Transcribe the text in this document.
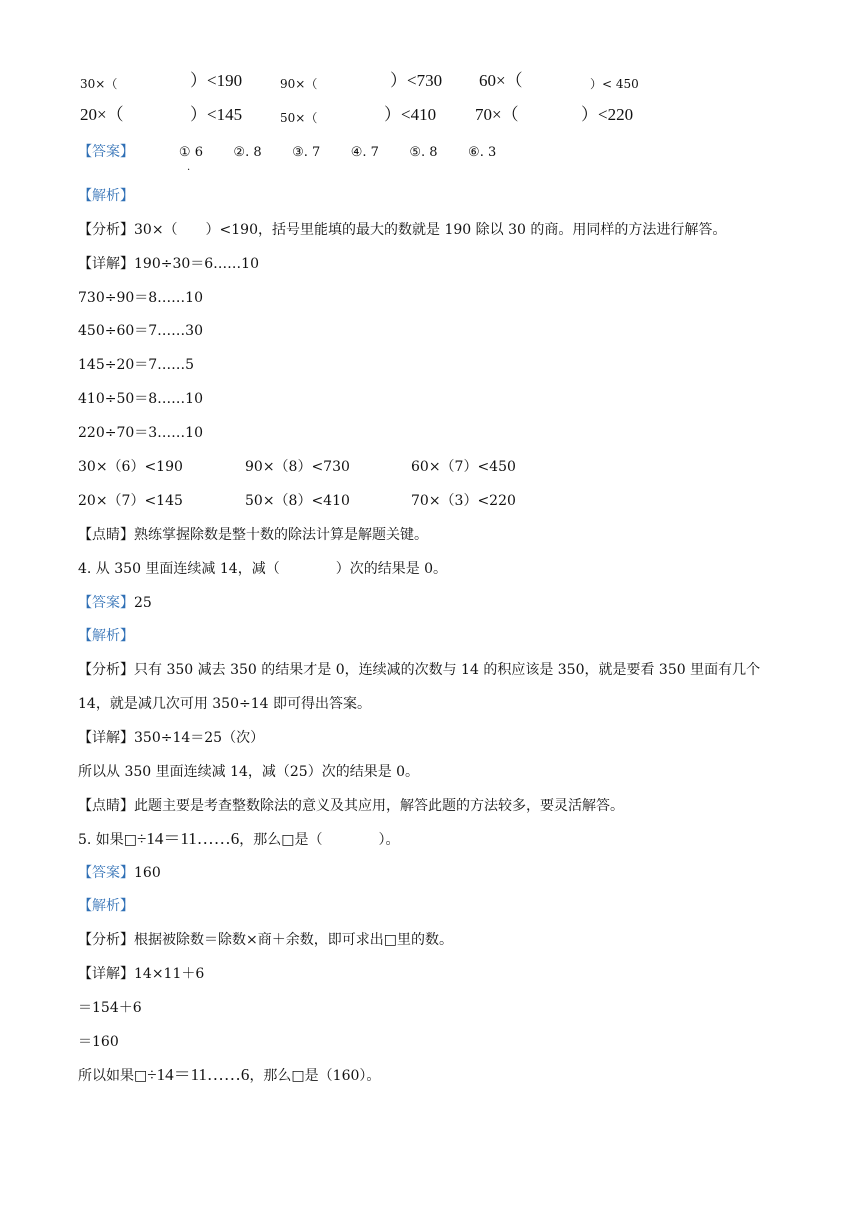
30×（	）<190	90×（	）<730 60×（	）< 450
20×（	）<145	50×（	）<410 70×（	）<220
【答案】	① 6 ②. 8 ③. 7 ④. 7 ⑤. 8 ⑥. 3
.
【解析】
【分析】30×（　　）<190，括号里能填的最大的数就是 190 除以 30 的商。用同样的方法进行解答。
【详解】190÷30＝6……10
730÷90＝8……10
450÷60＝7……30
145÷20＝7……5
410÷50＝8……10
220÷70＝3……10
30×（6）<190	90×（8）<730	60×（7）<450
20×（7）<145	50×（8）<410	70×（3）<220
【点睛】熟练掌握除数是整十数的除法计算是解题关键。
4. 从 350 里面连续减 14，减（　　　　）次的结果是 0。
【答案】25
【解析】
【分析】只有 350 减去 350 的结果才是 0，连续减的次数与 14 的积应该是 350，就是要看 350 里面有几个
14，就是减几次可用 350÷14 即可得出答案。
【详解】350÷14＝25（次）
所以从 350 里面连续减 14，减（25）次的结果是 0。
【点睛】此题主要是考查整数除法的意义及其应用，解答此题的方法较多，要灵活解答。
5. 如果□÷14＝11……6，那么□是（　　　　）。
【答案】160
【解析】
【分析】根据被除数＝除数×商＋余数，即可求出□里的数。
【详解】14×11＋6
＝154＋6
＝160
所以如果□÷14＝11……6，那么□是（160）。
